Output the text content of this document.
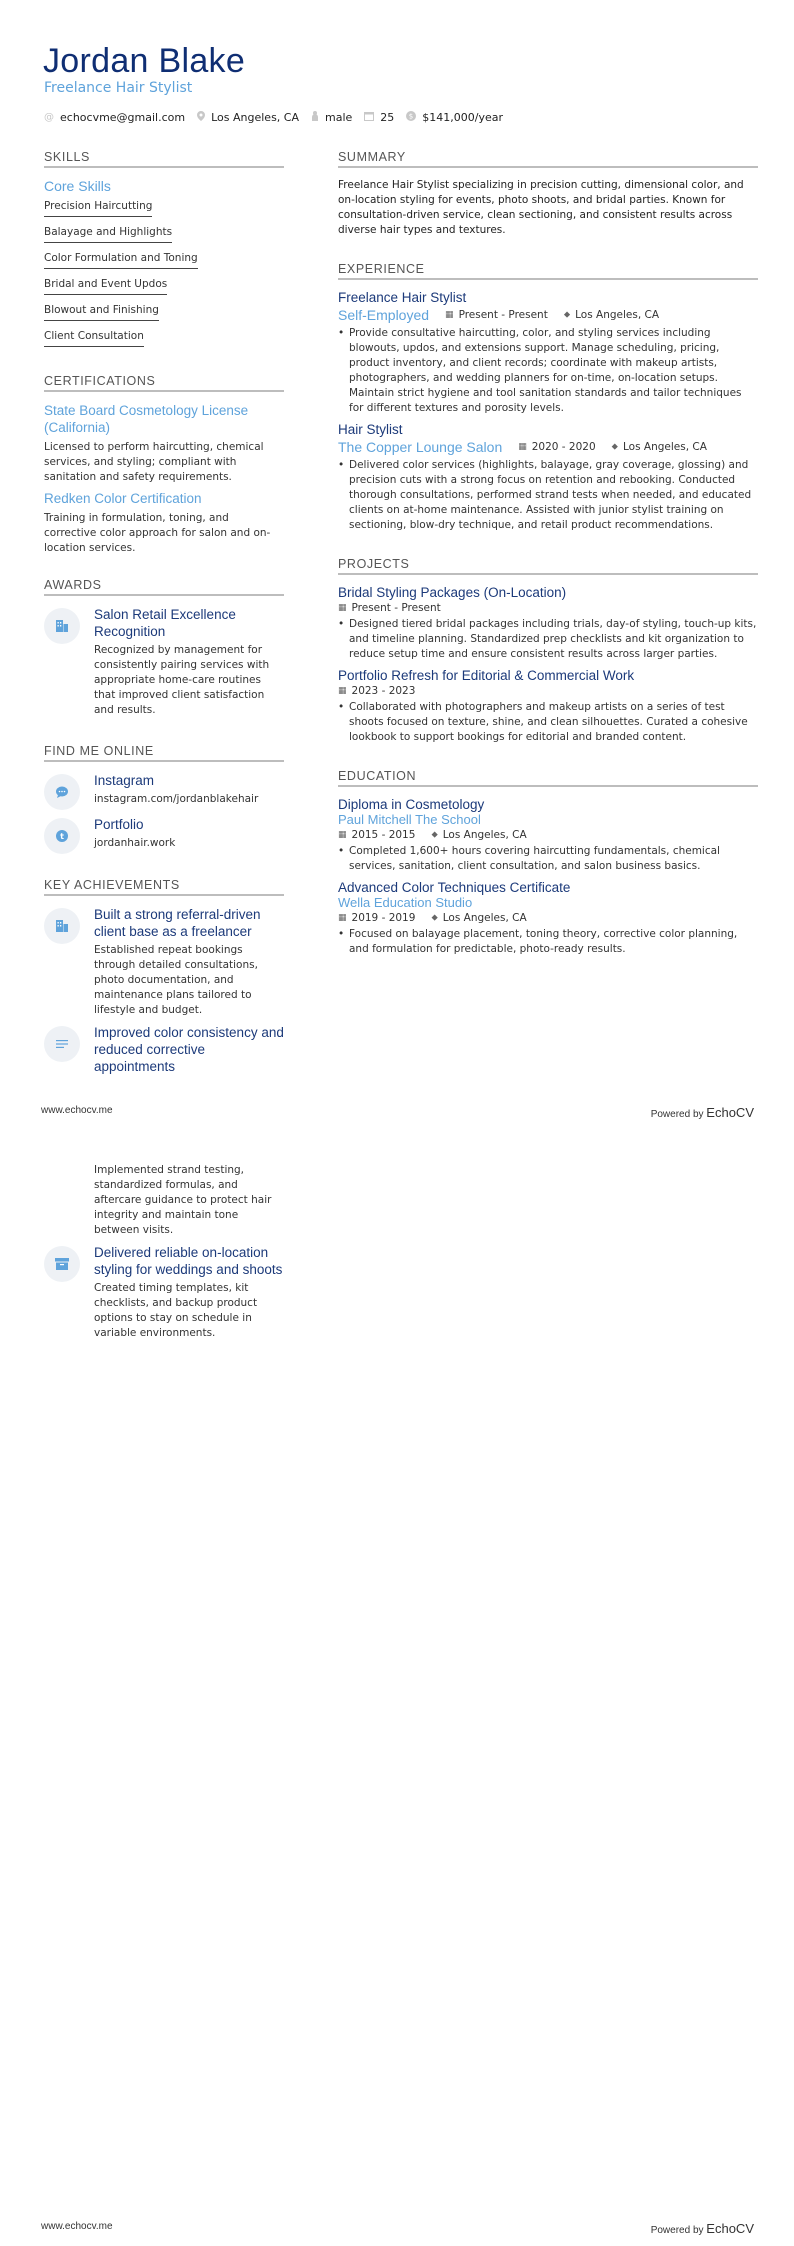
Jordan Blake
Freelance Hair Stylist
@ echocvme@gmail.com Los Angeles, CA male	25 $ $141,000/year
SKILLS
Core Skills
Precision Haircutting
Balayage and Highlights
Color Formulation and Toning
Bridal and Event Updos
Blowout and Finishing
Client Consultation
CERTIFICATIONS
State Board Cosmetology License (California)
Licensed to perform haircutting, chemical services, and styling; compliant with sanitation and safety requirements.
Redken Color Certification
Training in formulation, toning, and corrective color approach for salon and on-location services.
AWARDS
Salon Retail Excellence Recognition
Recognized by management for consistently pairing services with appropriate home-care routines that improved client satisfaction and results.
FIND ME ONLINE
Instagram
instagram.com/jordanblakehair
t
Portfolio
jordanhair.work
KEY ACHIEVEMENTS
Built a strong referral-driven client base as a freelancer
Established repeat bookings through detailed consultations, photo documentation, and maintenance plans tailored to lifestyle and budget.
Improved color consistency and reduced corrective appointments
SUMMARY
Freelance Hair Stylist specializing in precision cutting, dimensional color, and on-location styling for events, photo shoots, and bridal parties. Known for consultation-driven service, clean sectioning, and consistent results across diverse hair types and textures.
EXPERIENCE
Freelance Hair Stylist
Self-Employed ▦ Present - Present ⬥ Los Angeles, CA
• Provide consultative haircutting, color, and styling services including blowouts, updos, and extensions support. Manage scheduling, pricing, product inventory, and client records; coordinate with makeup artists, photographers, and wedding planners for on-time, on-location setups. Maintain strict hygiene and tool sanitation standards and tailor techniques for different textures and porosity levels.
Hair Stylist
The Copper Lounge Salon ▦ 2020 - 2020 ⬥ Los Angeles, CA
• Delivered color services (highlights, balayage, gray coverage, glossing) and precision cuts with a strong focus on retention and rebooking. Conducted thorough consultations, performed strand tests when needed, and educated clients on at-home maintenance. Assisted with junior stylist training on sectioning, blow-dry technique, and retail product recommendations.
PROJECTS
Bridal Styling Packages (On-Location)
▦ Present - Present
• Designed tiered bridal packages including trials, day-of styling, touch-up kits, and timeline planning. Standardized prep checklists and kit organization to reduce setup time and ensure consistent results across larger parties.
Portfolio Refresh for Editorial & Commercial Work
▦ 2023 - 2023
• Collaborated with photographers and makeup artists on a series of test shoots focused on texture, shine, and clean silhouettes. Curated a cohesive lookbook to support bookings for editorial and branded content.
EDUCATION
Diploma in Cosmetology
Paul Mitchell The School
▦ 2015 - 2015 ⬥ Los Angeles, CA
• Completed 1,600+ hours covering haircutting fundamentals, chemical services, sanitation, client consultation, and salon business basics.
Advanced Color Techniques Certificate
Wella Education Studio
▦ 2019 - 2019 ⬥ Los Angeles, CA
• Focused on balayage placement, toning theory, corrective color planning, and formulation for predictable, photo-ready results.
www.echocv.me	Powered by EchoCV
Implemented strand testing, standardized formulas, and aftercare guidance to protect hair integrity and maintain tone between visits.
Delivered reliable on-location styling for weddings and shoots
Created timing templates, kit checklists, and backup product options to stay on schedule in variable environments.
www.echocv.me	Powered by EchoCV
